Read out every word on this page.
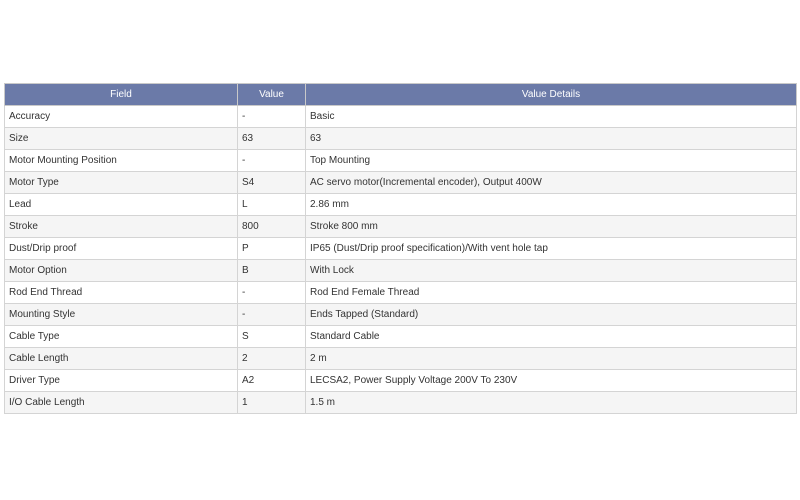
Field	Value	Value Details
Accuracy	-	Basic
Size	63	63
Motor Mounting Position	-	Top Mounting
Motor Type	S4	AC servo motor(Incremental encoder), Output 400W
Lead	L	2.86 mm
Stroke	800	Stroke 800 mm
Dust/Drip proof	P	IP65 (Dust/Drip proof specification)/With vent hole tap
Motor Option	B	With Lock
Rod End Thread	-	Rod End Female Thread
Mounting Style	-	Ends Tapped (Standard)
Cable Type	S	Standard Cable
Cable Length	2	2 m
Driver Type	A2	LECSA2, Power Supply Voltage 200V To 230V
I/O Cable Length	1	1.5 m
